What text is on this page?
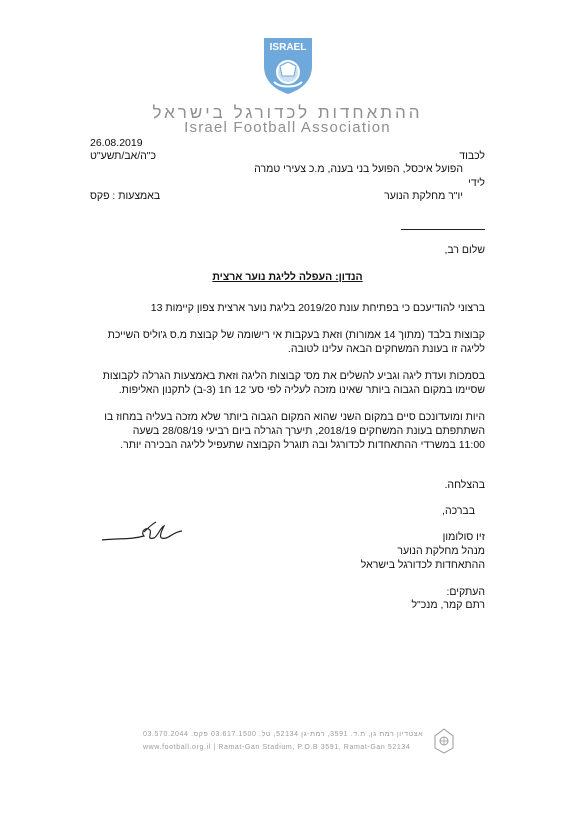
ISRAEL
ההתאחדות לכדורגל בישראל
Israel Football Association
26.08.2019
כ"ה/אב/תשע"ט	לכבוד
הפועל איכסל, הפועל בני בענה, מ.כ צעירי טמרה
לידי
יו"ר מחלקת הנוער
באמצעות : פקס
שלום רב,
הנדון: העפלה לליגת נוער ארצית
ברצוני להודיעכם כי בפתיחת עונת 2019/20 בליגת נוער ארצית צפון קיימות 13
קבוצות בלבד (מתוך 14 אמורות) וזאת בעקבות אי רישומה של קבוצת מ.ס ג'וליס השייכת
לליגה זו בעונת המשחקים הבאה עלינו לטובה.
בסמכות ועדת ליגה וגביע להשלים את מס' קבוצות הליגה וזאת באמצעות הגרלה לקבוצות
שסיימו במקום הגבוה ביותר שאינו מזכה לעליה לפי סע' 12 ח1 (3-ב) לתקנון האליפות.
היות ומועדונכם סיים במקום השני שהוא המקום הגבוה ביותר שלא מזכה בעליה במחוז בו
השתתפתם בעונת המשחקים 2018/19, תיערך הגרלה ביום רביעי 28/08/19 בשעה
11:00 במשרדי ההתאחדות לכדורגל ובה תוגרל הקבוצה שתעפיל לליגה הבכירה יותר.
בהצלחה.
בברכה,
זיו סולומון
מנהל מחלקת הנוער
ההתאחדות לכדורגל בישראל
העתקים:
רתם קמר, מנכ"ל
אצטדיון רמת גן, ת.ד. 3591, רמת-גן 52134, טל. 03.617.1500 פקס. 03.570.2044
www.football.org.il | Ramat-Gan Stadium, P.O.B 3591, Ramat-Gan 52134
